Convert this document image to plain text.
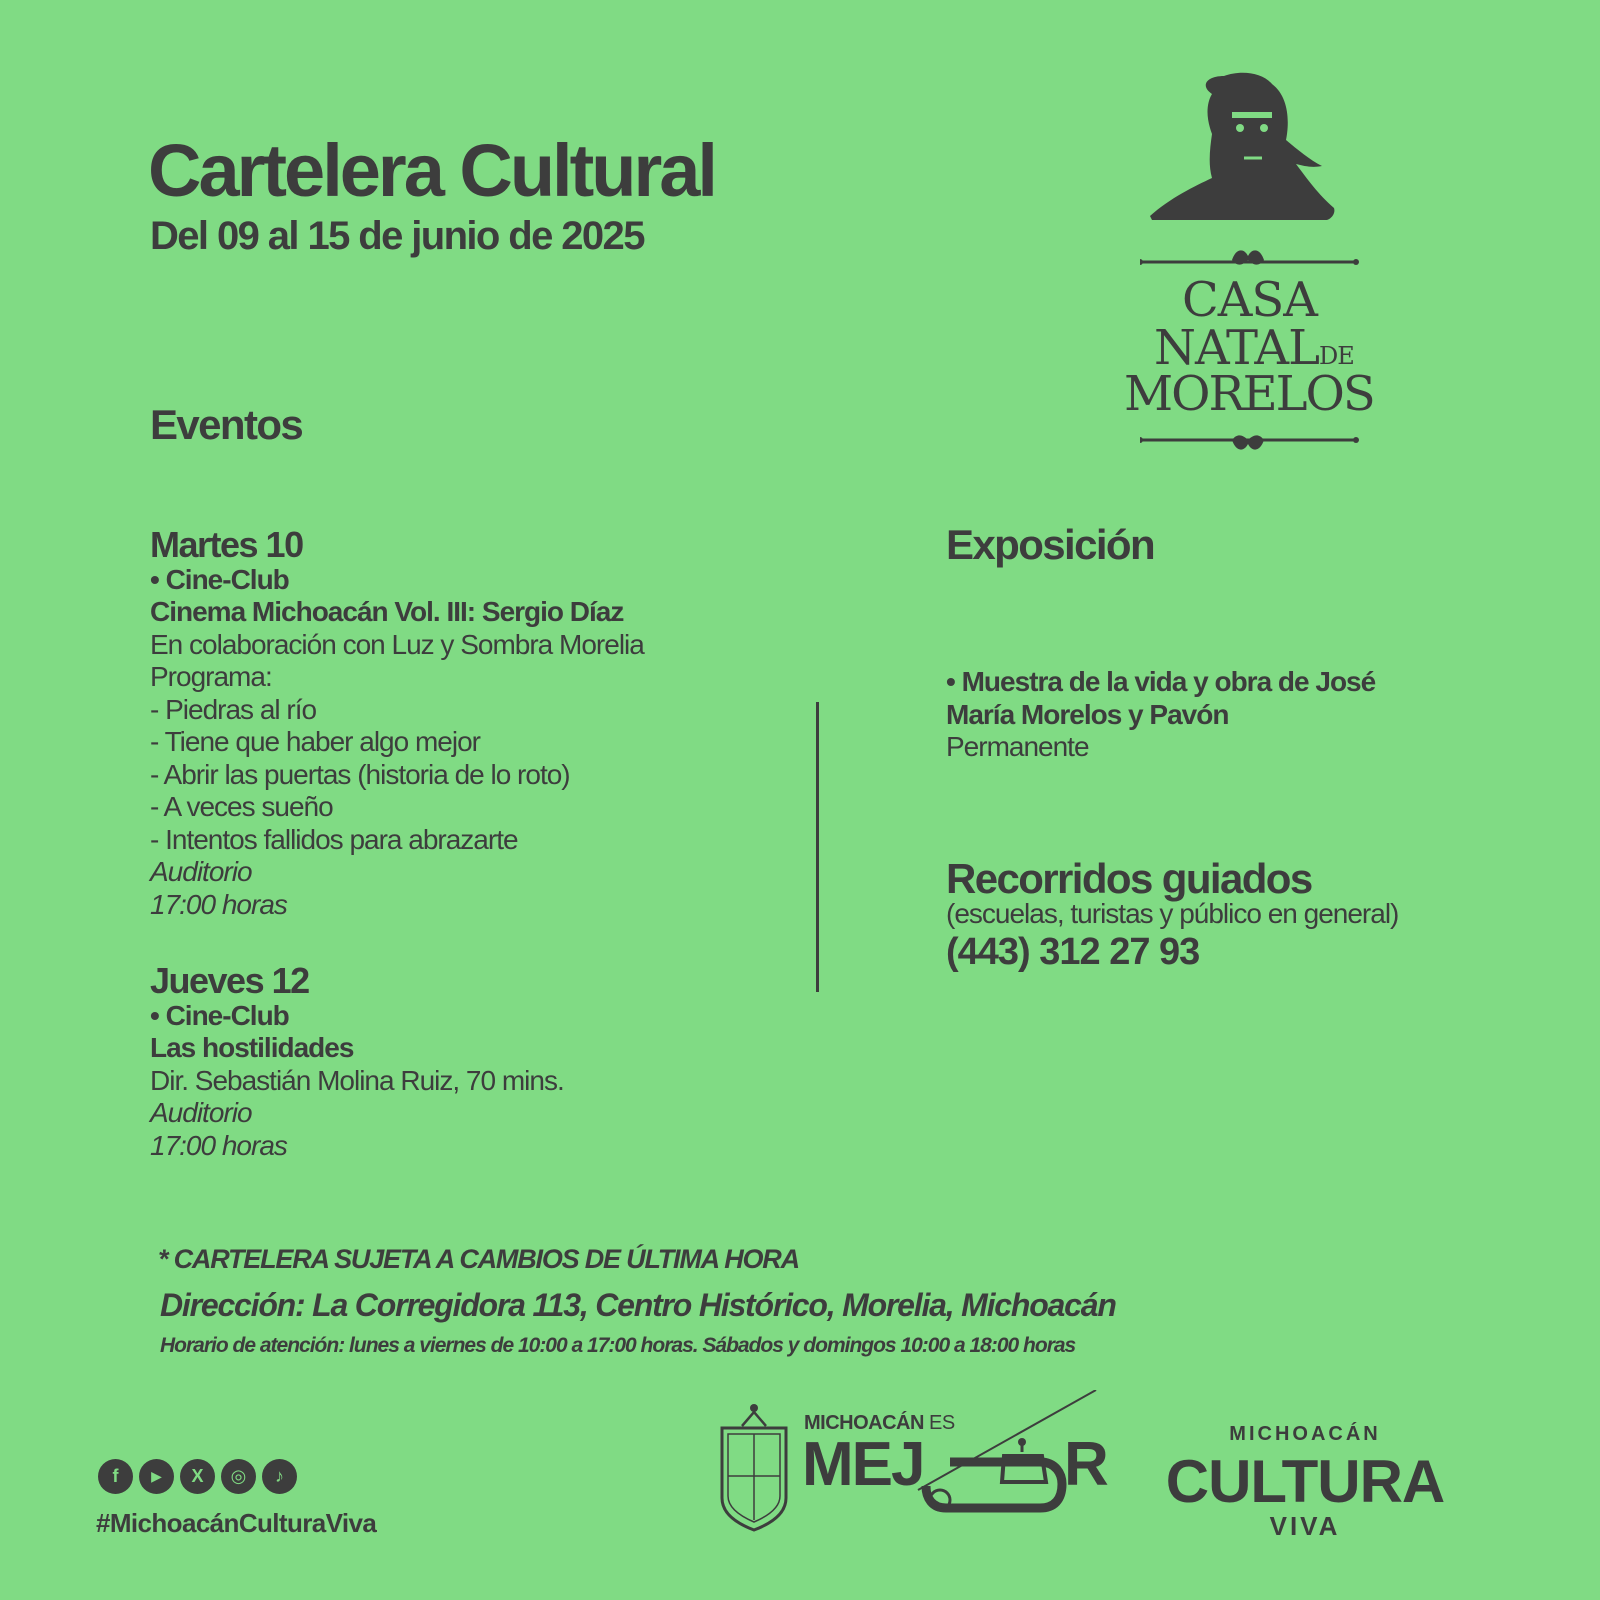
Cartelera Cultural
Del 09 al 15 de junio de 2025
CASA
NATALDE
MORELOS
Eventos
Martes 10
• Cine-Club
Cinema Michoacán Vol. III: Sergio Díaz
En colaboración con Luz y Sombra Morelia
Programa:
- Piedras al río
- Tiene que haber algo mejor
- Abrir las puertas (historia de lo roto)
- A veces sueño
- Intentos fallidos para abrazarte
Auditorio
17:00 horas
Jueves 12
• Cine-Club
Las hostilidades
Dir. Sebastián Molina Ruiz, 70 mins.
Auditorio
17:00 horas
Exposición
• Muestra de la vida y obra de José
María Morelos y Pavón
Permanente
Recorridos guiados
(escuelas, turistas y público en general)
(443) 312 27 93
* CARTELERA SUJETA A CAMBIOS DE ÚLTIMA HORA
Dirección: La Corregidora 113, Centro Histórico, Morelia, Michoacán
Horario de atención: lunes a viernes de 10:00 a 17:00 horas. Sábados y domingos 10:00 a 18:00 horas
f	▶	X	◎	♪
#MichoacánCulturaViva
MICHOACÁN ES
MEJ R	MICHOACÁN
CULTURA
VIVA
